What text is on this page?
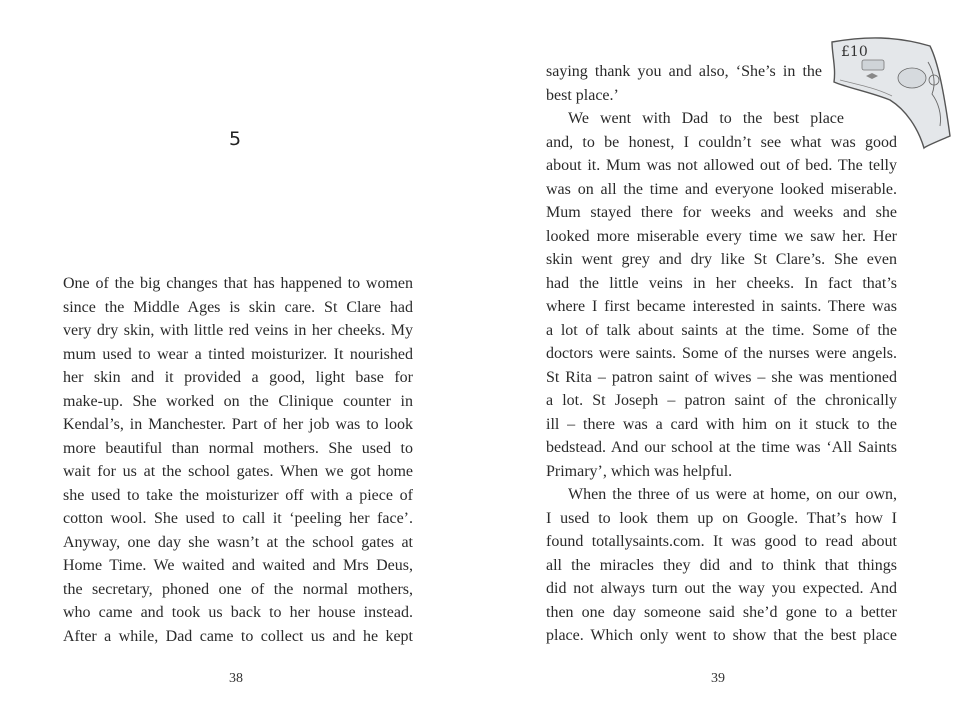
5
One of the big changes that has happened to women
since the Middle Ages is skin care. St Clare had
very dry skin, with little red veins in her cheeks. My
mum used to wear a tinted moisturizer. It nourished
her skin and it provided a good, light base for
make-up. She worked on the Clinique counter in
Kendal’s, in Manchester. Part of her job was to look
more beautiful than normal mothers. She used to
wait for us at the school gates. When we got home
she used to take the moisturizer off with a piece of
cotton wool. She used to call it ‘peeling her face’.
Anyway, one day she wasn’t at the school gates at
Home Time. We waited and waited and Mrs Deus,
the secretary, phoned one of the normal mothers,
who came and took us back to her house instead.
After a while, Dad came to collect us and he kept
38
£10
saying thank you and also, ‘She’s in the
best place.’
We went with Dad to the best place
and, to be honest, I couldn’t see what was good
about it. Mum was not allowed out of bed. The telly
was on all the time and everyone looked miserable.
Mum stayed there for weeks and weeks and she
looked more miserable every time we saw her. Her
skin went grey and dry like St Clare’s. She even
had the little veins in her cheeks. In fact that’s
where I first became interested in saints. There was
a lot of talk about saints at the time. Some of the
doctors were saints. Some of the nurses were angels.
St Rita – patron saint of wives – she was mentioned
a lot. St Joseph – patron saint of the chronically
ill – there was a card with him on it stuck to the
bedstead. And our school at the time was ‘All Saints
Primary’, which was helpful.
When the three of us were at home, on our own,
I used to look them up on Google. That’s how I
found totallysaints.com. It was good to read about
all the miracles they did and to think that things
did not always turn out the way you expected. And
then one day someone said she’d gone to a better
place. Which only went to show that the best place
39
